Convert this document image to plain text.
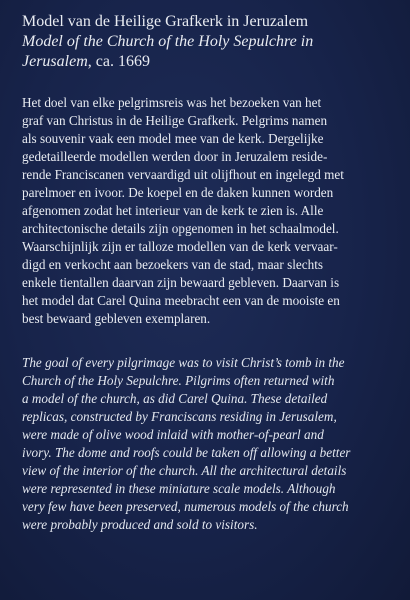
Model van de Heilige Grafkerk in Jeruzalem

Model of the Church of the Holy Sepulchre in

Jerusalem, ca. 1669

Het doel van elke pelgrimsreis was het bezoeken van het
graf van Christus in de Heilige Grafkerk. Pelgrims namen
als souvenir vaak een model mee van de kerk. Dergelijke
gedetailleerde modellen werden door in Jeruzalem reside-
rende Franciscanen vervaardigd uit olijfhout en ingelegd met
parelmoer en ivoor. De koepel en de daken kunnen worden
afgenomen zodat het interieur van de kerk te zien is. Alle
architectonische details zijn opgenomen in het schaalmodel.
Waarschijnlijk zijn er talloze modellen van de kerk vervaar-
digd en verkocht aan bezoekers van de stad, maar slechts
enkele tientallen daarvan zijn bewaard gebleven. Daarvan is
het model dat Carel Quina meebracht een van de mooiste en
best bewaard gebleven exemplaren.
The goal of every pilgrimage was to visit Christ’s tomb in the
Church of the Holy Sepulchre. Pilgrims often returned with
a model of the church, as did Carel Quina. These detailed
replicas, constructed by Franciscans residing in Jerusalem,
were made of olive wood inlaid with mother-of-pearl and
ivory. The dome and roofs could be taken off allowing a better
view of the interior of the church. All the architectural details
were represented in these miniature scale models. Although
very few have been preserved, numerous models of the church
were probably produced and sold to visitors.
